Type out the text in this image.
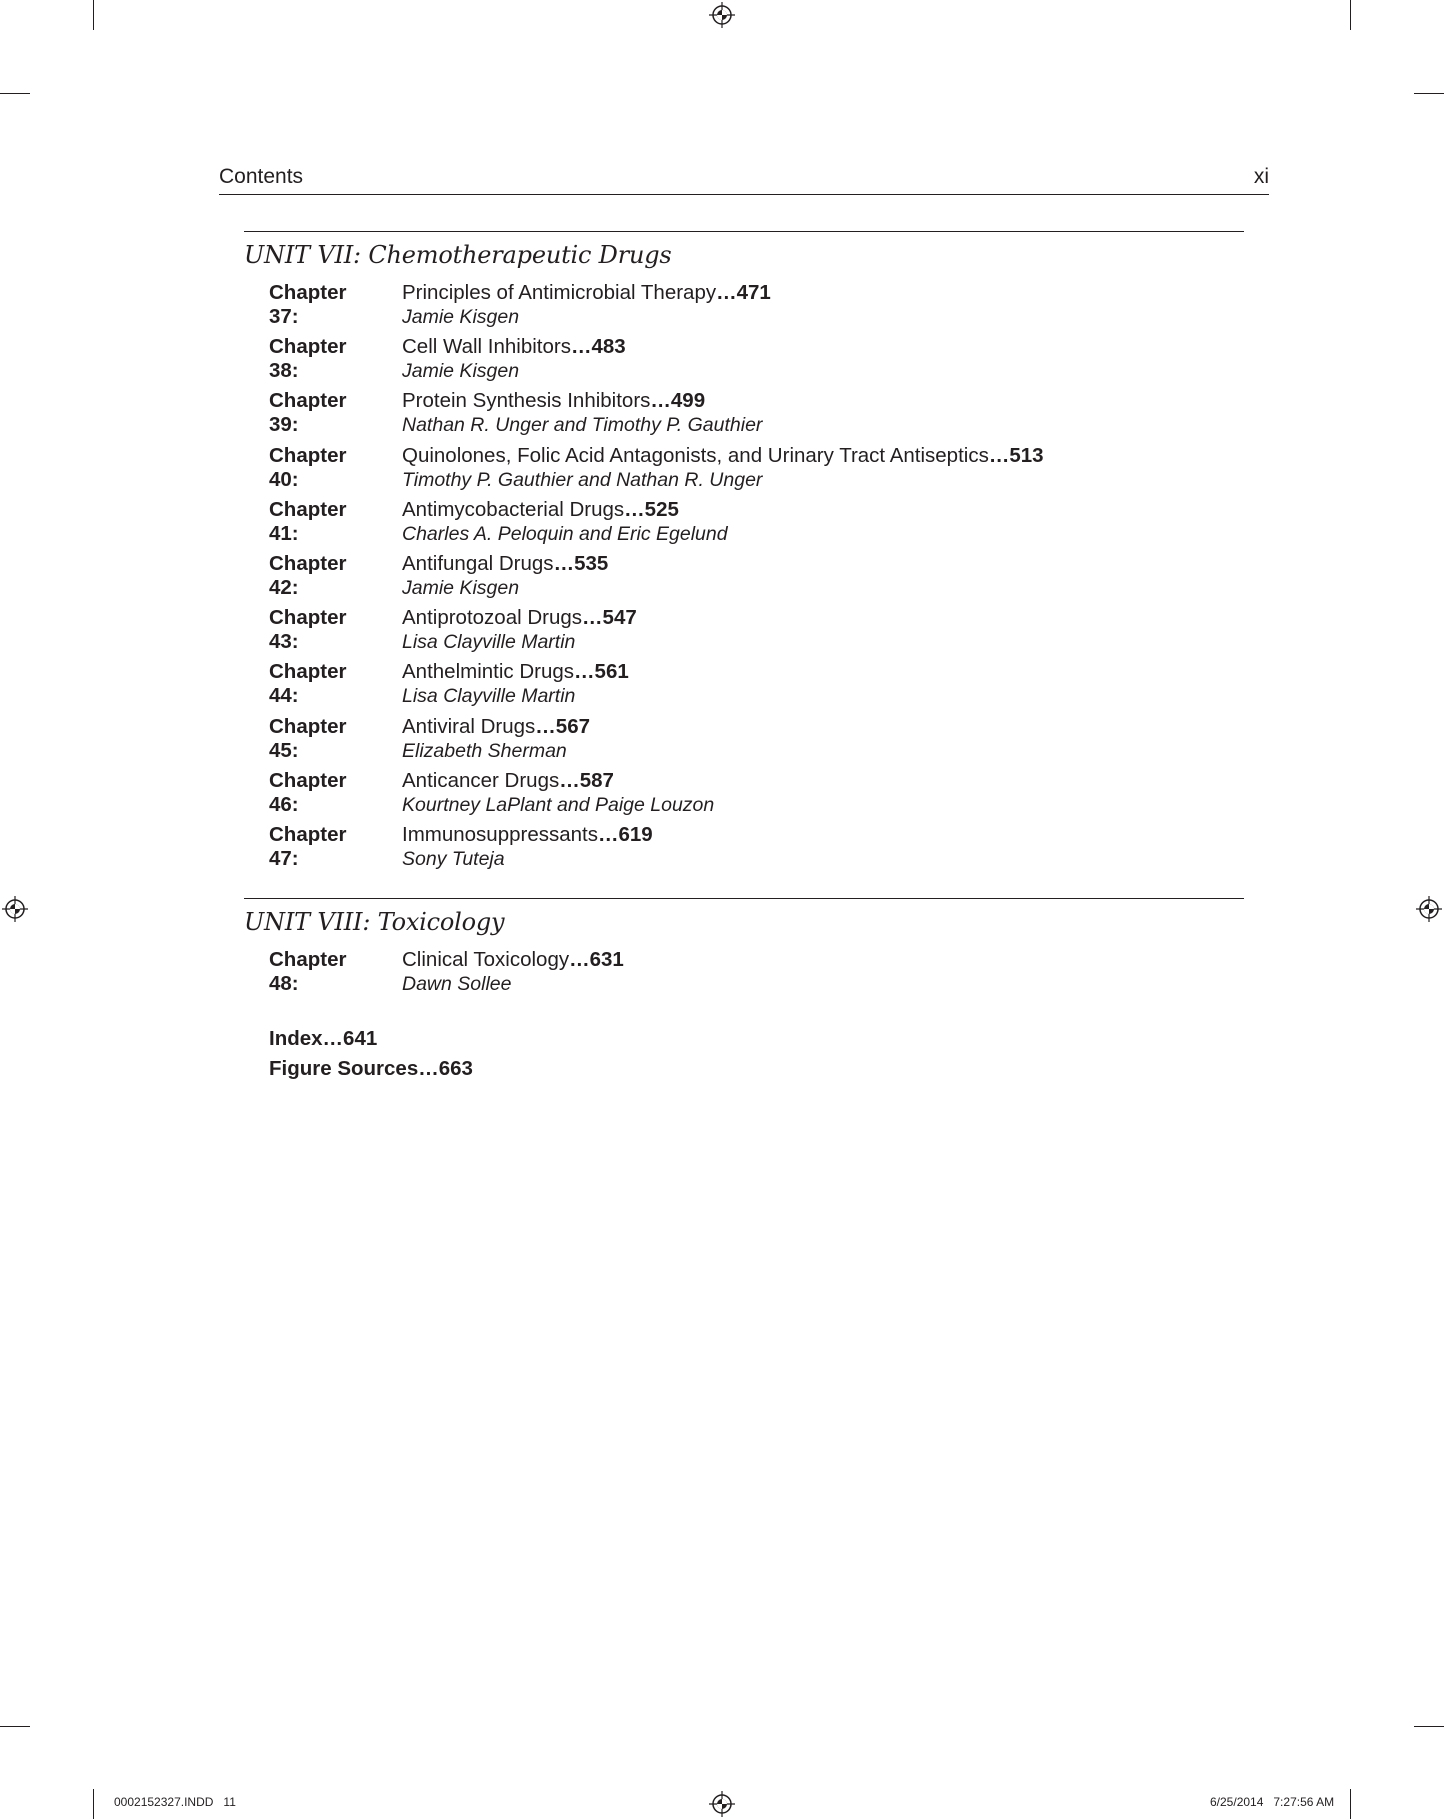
Contents	xi
UNIT VII: Chemotherapeutic Drugs
Chapter 37:
Principles of Antimicrobial Therapy…471
Jamie Kisgen
Chapter 38:
Cell Wall Inhibitors…483
Jamie Kisgen
Chapter 39:
Protein Synthesis Inhibitors…499
Nathan R. Unger and Timothy P. Gauthier
Chapter 40:
Quinolones, Folic Acid Antagonists, and Urinary Tract Antiseptics…513
Timothy P. Gauthier and Nathan R. Unger
Chapter 41:
Antimycobacterial Drugs…525
Charles A. Peloquin and Eric Egelund
Chapter 42:
Antifungal Drugs…535
Jamie Kisgen
Chapter 43:
Antiprotozoal Drugs…547
Lisa Clayville Martin
Chapter 44:
Anthelmintic Drugs…561
Lisa Clayville Martin
Chapter 45:
Antiviral Drugs…567
Elizabeth Sherman
Chapter 46:
Anticancer Drugs…587
Kourtney LaPlant and Paige Louzon
Chapter 47:
Immunosuppressants…619
Sony Tuteja
UNIT VIII: Toxicology
Chapter 48:
Clinical Toxicology…631
Dawn Sollee
Index…641
Figure Sources…663
0002152327.INDD   11	6/25/2014   7:27:56 AM
